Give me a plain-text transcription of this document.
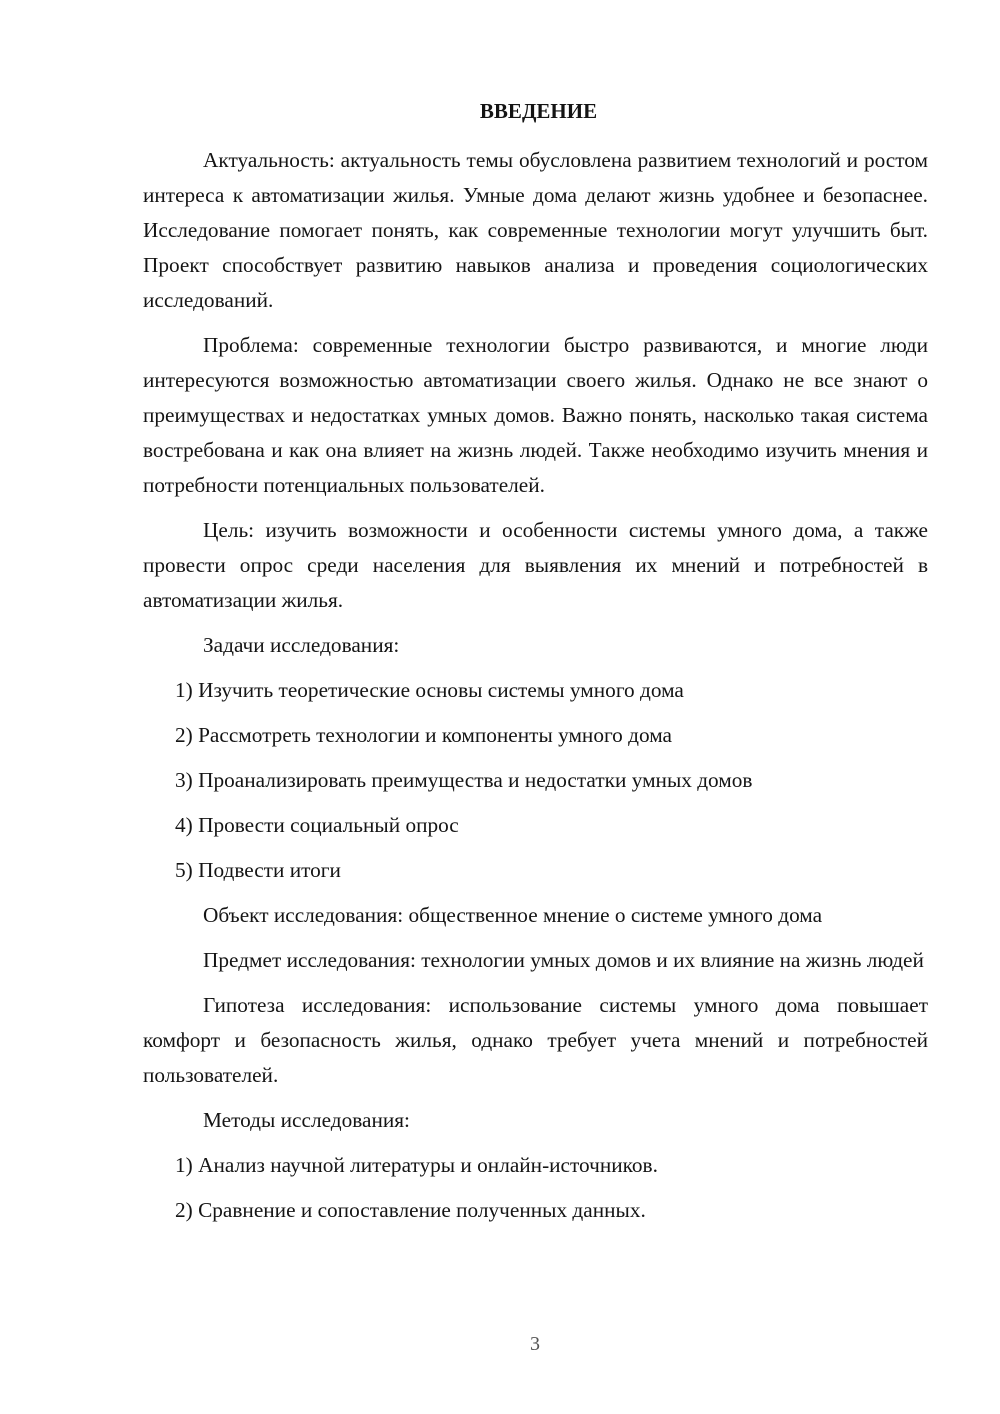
ВВЕДЕНИЕ
Актуальность: актуальность темы обусловлена развитием технологий и ростом интереса к автоматизации жилья. Умные дома делают жизнь удобнее и безопаснее. Исследование помогает понять, как современные технологии могут улучшить быт. Проект способствует развитию навыков анализа и проведения социологических исследований.
Проблема: современные технологии быстро развиваются, и многие люди интересуются возможностью автоматизации своего жилья. Однако не все знают о преимуществах и недостатках умных домов. Важно понять, насколько такая система востребована и как она влияет на жизнь людей. Также необходимо изучить мнения и потребности потенциальных пользователей.
Цель: изучить возможности и особенности системы умного дома, а также провести опрос среди населения для выявления их мнений и потребностей в автоматизации жилья.
Задачи исследования:
1) Изучить теоретические основы системы умного дома
2) Рассмотреть технологии и компоненты умного дома
3) Проанализировать преимущества и недостатки умных домов
4) Провести социальный опрос
5) Подвести итоги
Объект исследования: общественное мнение о системе умного дома
Предмет исследования: технологии умных домов и их влияние на жизнь людей
Гипотеза исследования: использование системы умного дома повышает комфорт и безопасность жилья, однако требует учета мнений и потребностей пользователей.
Методы исследования:
1) Анализ научной литературы и онлайн-источников.
2) Сравнение и сопоставление полученных данных.
3
